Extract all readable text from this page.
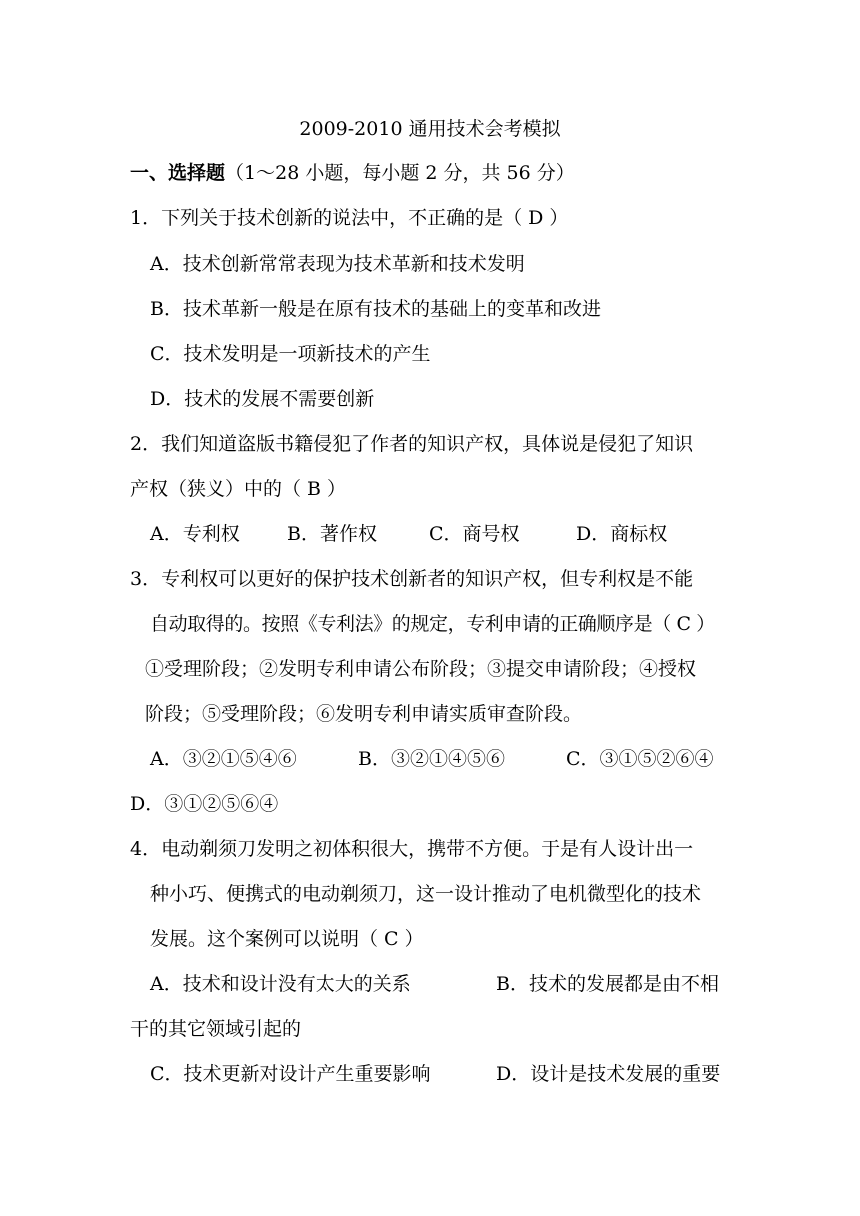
2009-2010 通用技术会考模拟
一、选择题（1～28 小题，每小题 2 分，共 56 分）
1．下列关于技术创新的说法中，不正确的是（ D ）
A．技术创新常常表现为技术革新和技术发明
B．技术革新一般是在原有技术的基础上的变革和改进
C．技术发明是一项新技术的产生
D．技术的发展不需要创新
2．我们知道盗版书籍侵犯了作者的知识产权，具体说是侵犯了知识
产权（狭义）中的（ B ）
A．专利权 B．著作权	C．商号权	D．商标权
3．专利权可以更好的保护技术创新者的知识产权，但专利权是不能
自动取得的。按照《专利法》的规定，专利申请的正确顺序是（ C ）
①受理阶段；②发明专利申请公布阶段；③提交申请阶段；④授权
阶段；⑤受理阶段；⑥发明专利申请实质审查阶段。
A．③②①⑤④⑥	B．③②①④⑤⑥	C．③①⑤②⑥④
D．③①②⑤⑥④
4．电动剃须刀发明之初体积很大，携带不方便。于是有人设计出一
种小巧、便携式的电动剃须刀，这一设计推动了电机微型化的技术
发展。这个案例可以说明（ C ）
A．技术和设计没有太大的关系	B．技术的发展都是由不相
干的其它领域引起的
C．技术更新对设计产生重要影响	D．设计是技术发展的重要
